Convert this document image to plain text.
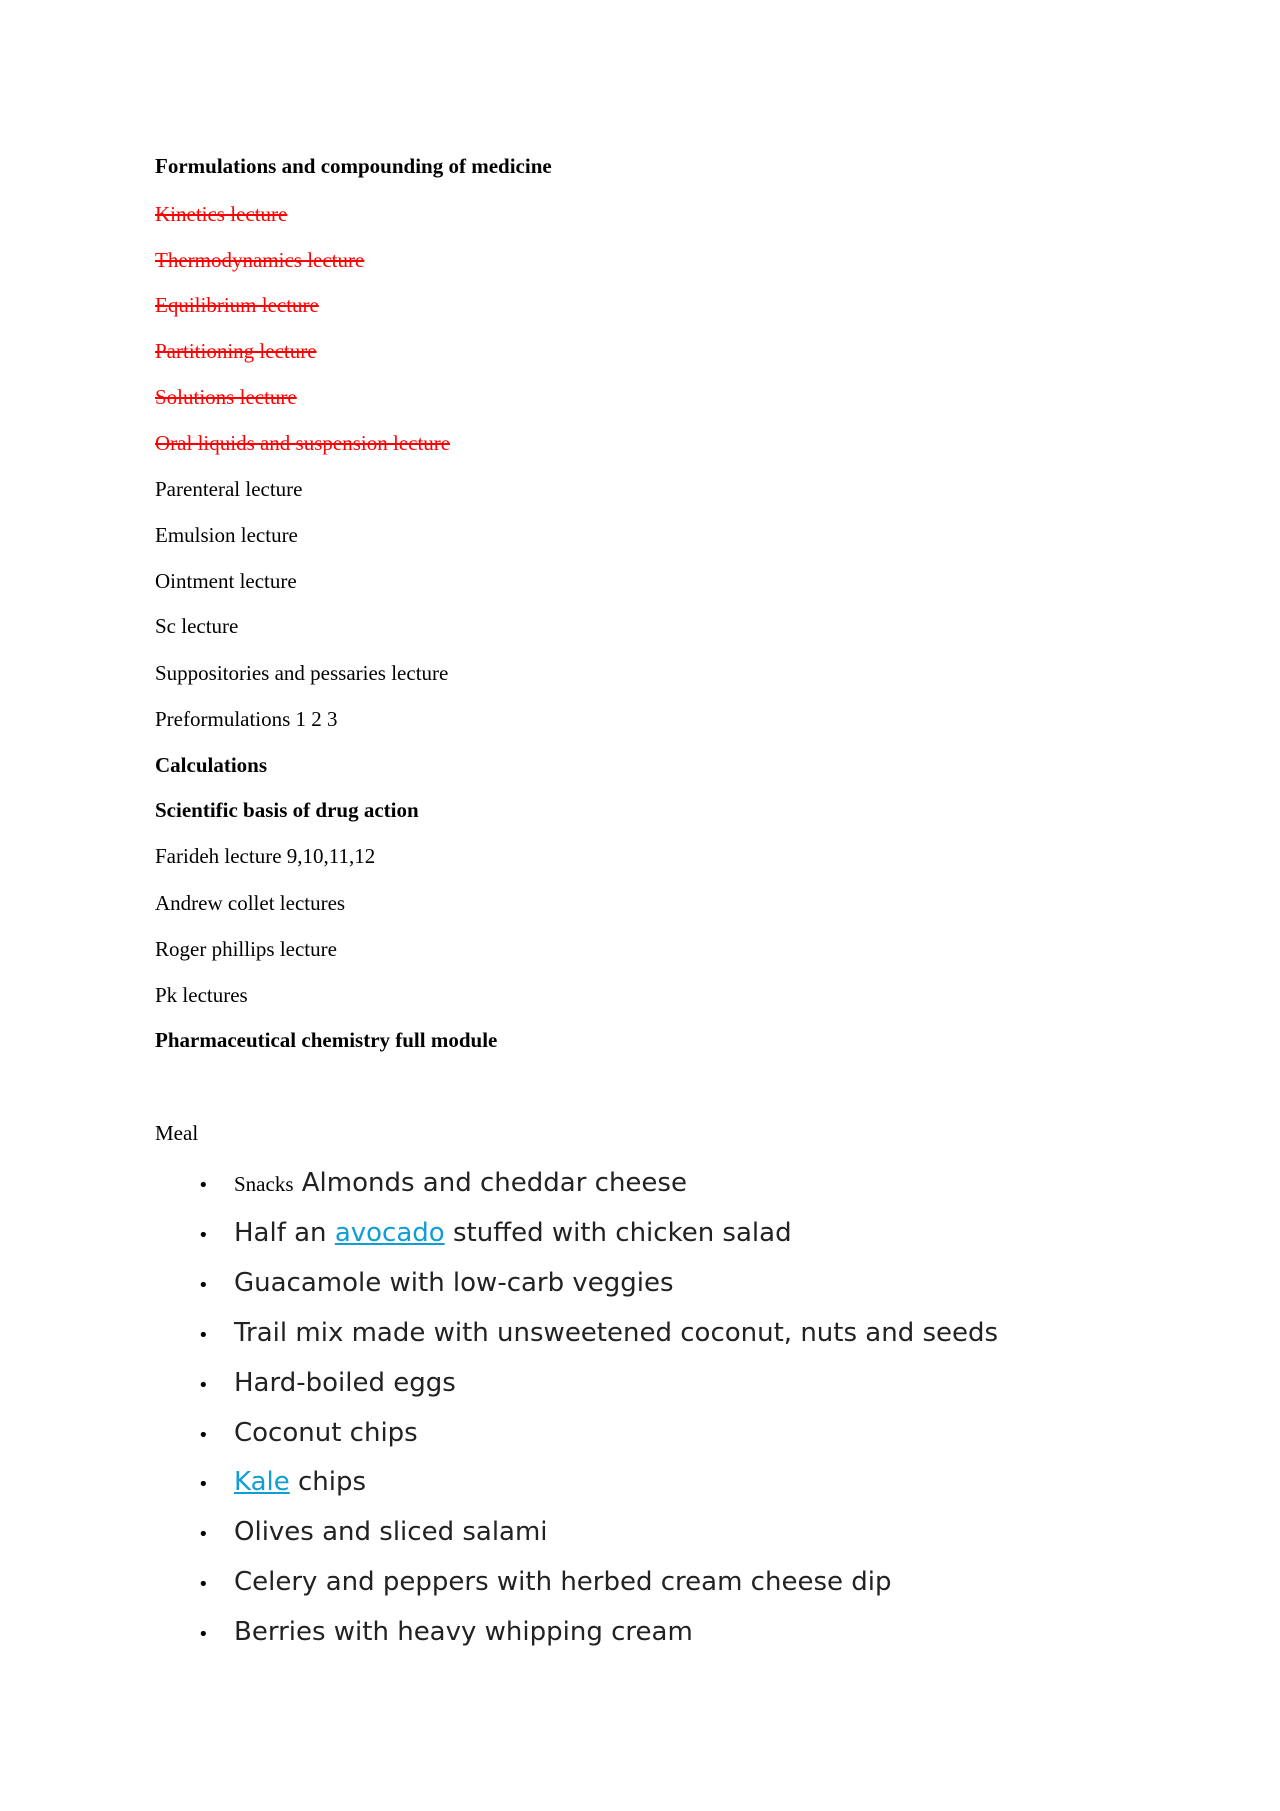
Formulations and compounding of medicine
Kinetics lecture
Thermodynamics lecture
Equilibrium lecture
Partitioning lecture
Solutions lecture
Oral liquids and suspension lecture
Parenteral lecture
Emulsion lecture
Ointment lecture
Sc lecture
Suppositories and pessaries lecture
Preformulations 1 2 3
Calculations
Scientific basis of drug action
Farideh lecture 9,10,11,12
Andrew collet lectures
Roger phillips lecture
Pk lectures
Pharmaceutical chemistry full module
Meal
• Snacks Almonds and cheddar cheese
• Half an avocado stuffed with chicken salad
• Guacamole with low-carb veggies
• Trail mix made with unsweetened coconut, nuts and seeds
• Hard-boiled eggs
• Coconut chips
• Kale chips
• Olives and sliced salami
• Celery and peppers with herbed cream cheese dip
• Berries with heavy whipping cream
